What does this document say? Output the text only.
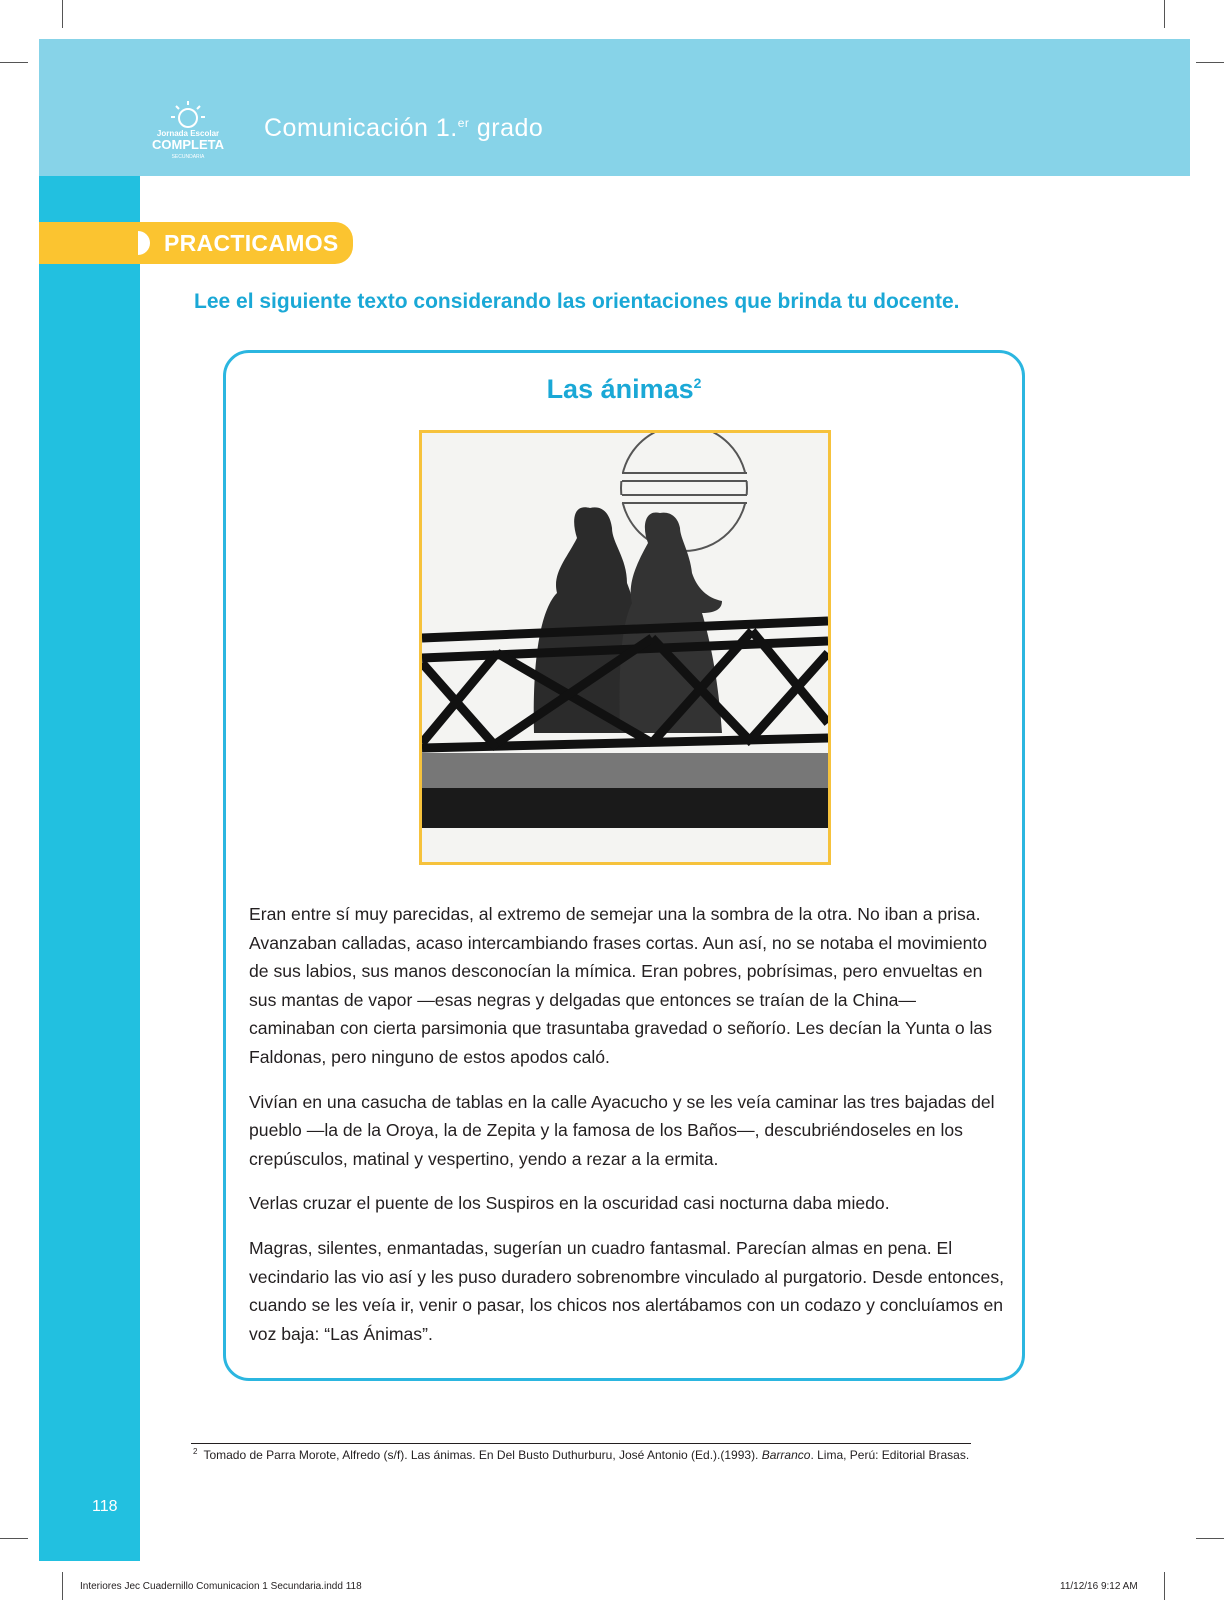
Jornada Escolar
COMPLETA
SECUNDARIA
Comunicación 1.$^{er}$ grado
PRACTICAMOS
Lee el siguiente texto considerando las orientaciones que brinda tu docente.
Las ánimas$^2$

Eran entre sí muy parecidas, al extremo de semejar una la sombra de la otra. No iban a prisa. Avanzaban calladas, acaso intercambiando frases cortas. Aun así, no se notaba el movimiento de sus labios, sus manos desconocían la mímica. Eran pobres, pobrísimas, pero envueltas en sus mantas de vapor —esas negras y delgadas que entonces se traían de la China— caminaban con cierta parsimonia que trasuntaba gravedad o señorío. Les decían la Yunta o las Faldonas, pero ninguno de estos apodos caló.

Vivían en una casucha de tablas en la calle Ayacucho y se les veía caminar las tres bajadas del pueblo —la de la Oroya, la de Zepita y la famosa de los Baños—, descubriéndoseles en los crepúsculos, matinal y vespertino, yendo a rezar a la ermita.

Verlas cruzar el puente de los Suspiros en la oscuridad casi nocturna daba miedo.

Magras, silentes, enmantadas, sugerían un cuadro fantasmal. Parecían almas en pena. El vecindario las vio así y les puso duradero sobrenombre vinculado al purgatorio. Desde entonces, cuando se les veía ir, venir o pasar, los chicos nos alertábamos con un codazo y concluíamos en voz baja: “Las Ánimas”.

$^2$ Tomado de Parra Morote, Alfredo (s/f). Las ánimas. En Del Busto Duthurburu, José Antonio (Ed.).(1993). Barranco. Lima, Perú: Editorial Brasas.
118
Interiores Jec Cuadernillo Comunicacion 1 Secundaria.indd 118	11/12/16 9:12 AM
